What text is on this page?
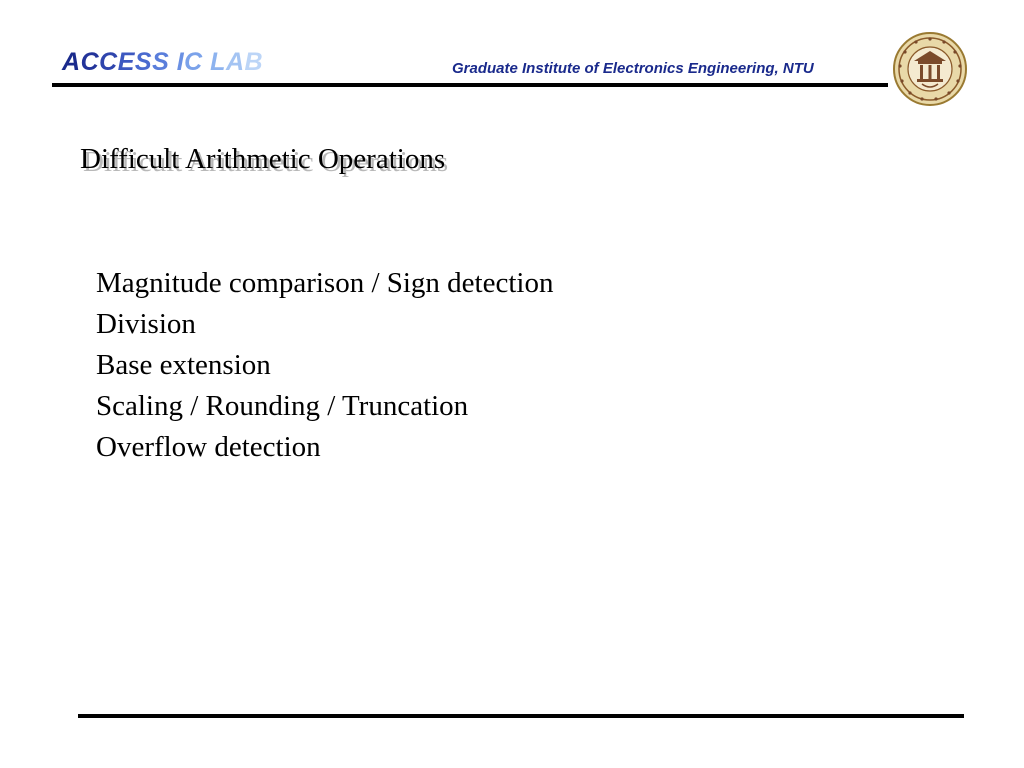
ACCESS IC LAB	Graduate Institute of Electronics Engineering, NTU
Difficult Arithmetic Operations
Magnitude comparison / Sign detection
Division
Base extension
Scaling / Rounding / Truncation
Overflow detection
